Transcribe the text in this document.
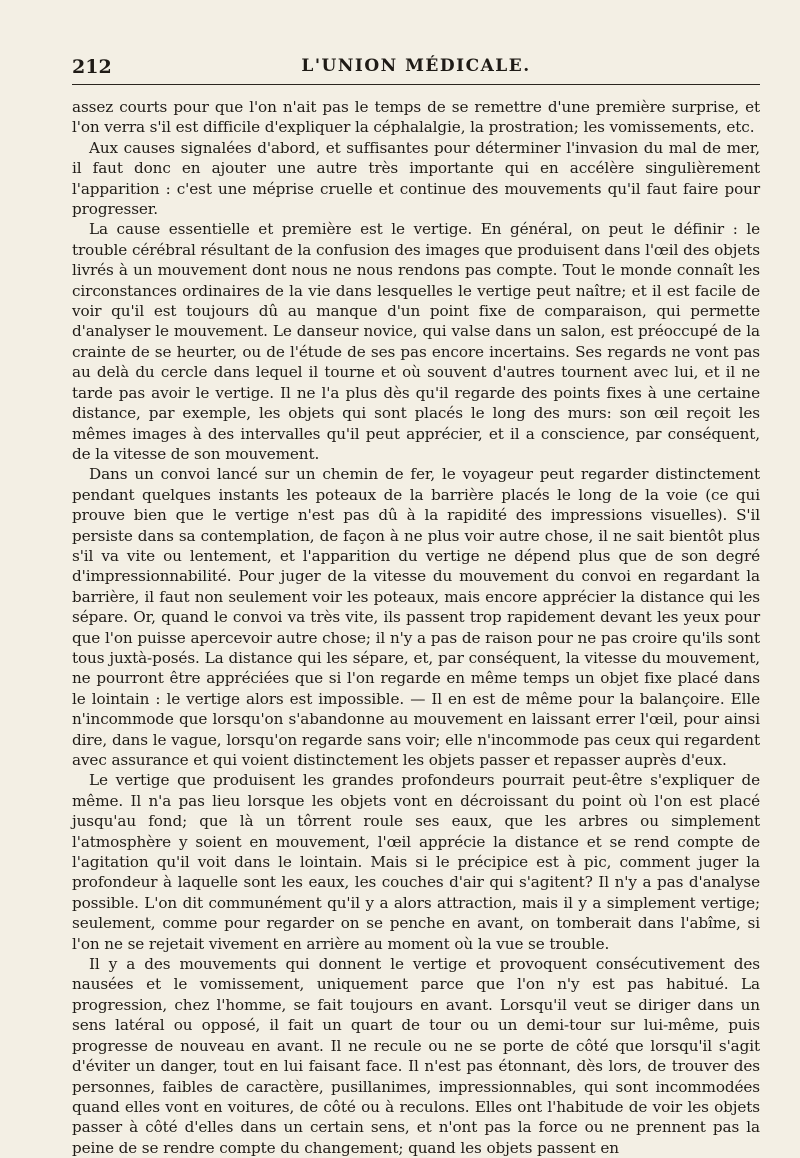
212	L'UNION MÉDICALE.

assez courts pour que l'on n'ait pas le temps de se remettre d'une première surprise, et l'on verra s'il est difficile d'expliquer la céphalalgie, la prostration; les vomissements, etc.

Aux causes signalées d'abord, et suffisantes pour déterminer l'invasion du mal de mer, il faut donc en ajouter une autre très importante qui en accélère singulièrement l'apparition : c'est une méprise cruelle et continue des mouvements qu'il faut faire pour progresser.

La cause essentielle et première est le vertige. En général, on peut le définir : le trouble cérébral résultant de la confusion des images que produisent dans l'œil des objets livrés à un mouvement dont nous ne nous rendons pas compte. Tout le monde connaît les circonstances ordinaires de la vie dans lesquelles le vertige peut naître; et il est facile de voir qu'il est toujours dû au manque d'un point fixe de comparaison, qui permette d'analyser le mouvement. Le danseur novice, qui valse dans un salon, est préoccupé de la crainte de se heurter, ou de l'étude de ses pas encore incertains. Ses regards ne vont pas au delà du cercle dans lequel il tourne et où souvent d'autres tournent avec lui, et il ne tarde pas avoir le vertige. Il ne l'a plus dès qu'il regarde des points fixes à une certaine distance, par exemple, les objets qui sont placés le long des murs: son œil reçoit les mêmes images à des intervalles qu'il peut apprécier, et il a conscience, par conséquent, de la vitesse de son mouvement.

Dans un convoi lancé sur un chemin de fer, le voyageur peut regarder distinctement pendant quelques instants les poteaux de la barrière placés le long de la voie (ce qui prouve bien que le vertige n'est pas dû à la rapidité des impressions visuelles). S'il persiste dans sa contemplation, de façon à ne plus voir autre chose, il ne sait bientôt plus s'il va vite ou lentement, et l'apparition du vertige ne dépend plus que de son degré d'impressionnabilité. Pour juger de la vitesse du mouvement du convoi en regardant la barrière, il faut non seulement voir les poteaux, mais encore apprécier la distance qui les sépare. Or, quand le convoi va très vite, ils passent trop rapidement devant les yeux pour que l'on puisse apercevoir autre chose; il n'y a pas de raison pour ne pas croire qu'ils sont tous juxtà-posés. La distance qui les sépare, et, par conséquent, la vitesse du mouvement, ne pourront être appréciées que si l'on regarde en même temps un objet fixe placé dans le lointain : le vertige alors est impossible. — Il en est de même pour la balançoire. Elle n'incommode que lorsqu'on s'abandonne au mouvement en laissant errer l'œil, pour ainsi dire, dans le vague, lorsqu'on regarde sans voir; elle n'incommode pas ceux qui regardent avec assurance et qui voient distinctement les objets passer et repasser auprès d'eux.

Le vertige que produisent les grandes profondeurs pourrait peut-être s'expliquer de même. Il n'a pas lieu lorsque les objets vont en décroissant du point où l'on est placé jusqu'au fond; que là un tôrrent roule ses eaux, que les arbres ou simplement l'atmosphère y soient en mouvement, l'œil apprécie la distance et se rend compte de l'agitation qu'il voit dans le lointain. Mais si le précipice est à pic, comment juger la profondeur à laquelle sont les eaux, les couches d'air qui s'agitent? Il n'y a pas d'analyse possible. L'on dit communément qu'il y a alors attraction, mais il y a simplement vertige; seulement, comme pour regarder on se penche en avant, on tomberait dans l'abîme, si l'on ne se rejetait vivement en arrière au moment où la vue se trouble.

Il y a des mouvements qui donnent le vertige et provoquent consécutivement des nausées et le vomissement, uniquement parce que l'on n'y est pas habitué. La progression, chez l'homme, se fait toujours en avant. Lorsqu'il veut se diriger dans un sens latéral ou opposé, il fait un quart de tour ou un demi-tour sur lui-même, puis progresse de nouveau en avant. Il ne recule ou ne se porte de côté que lorsqu'il s'agit d'éviter un danger, tout en lui faisant face. Il n'est pas étonnant, dès lors, de trouver des personnes, faibles de caractère, pusillanimes, impressionnables, qui sont incommodées quand elles vont en voitures, de côté ou à reculons. Elles ont l'habitude de voir les objets passer à côté d'elles dans un certain sens, et n'ont pas la force ou ne prennent pas la peine de se rendre compte du changement; quand les objets passent en
